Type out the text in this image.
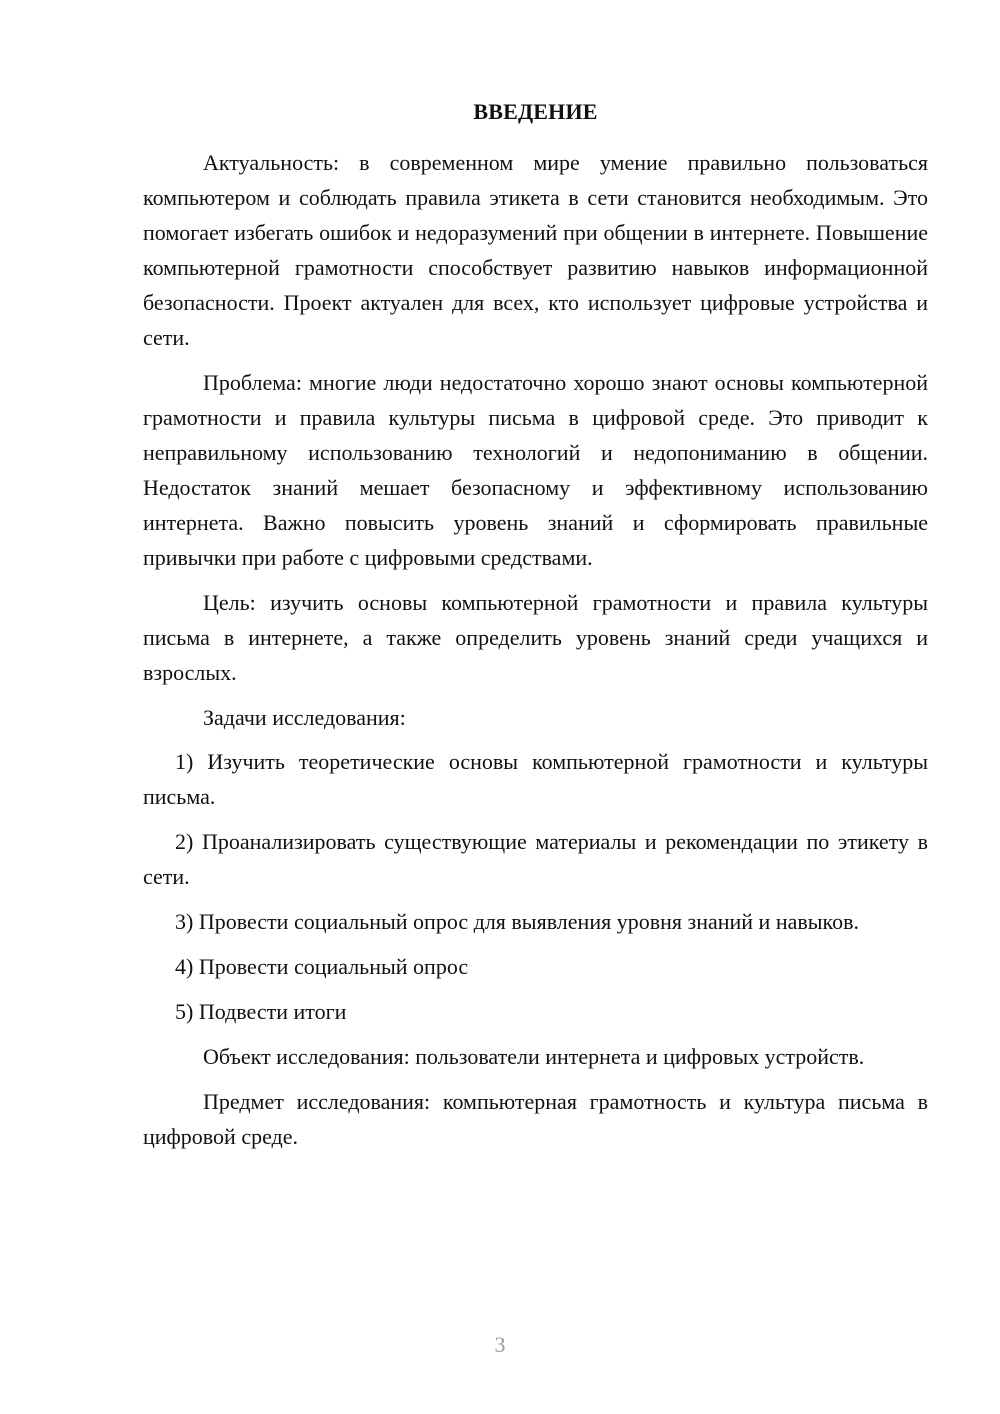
ВВЕДЕНИЕ

Актуальность: в современном мире умение правильно пользоваться компьютером и соблюдать правила этикета в сети становится необходимым. Это помогает избегать ошибок и недоразумений при общении в интернете. Повышение компьютерной грамотности способствует развитию навыков информационной безопасности. Проект актуален для всех, кто использует цифровые устройства и сети.

Проблема: многие люди недостаточно хорошо знают основы компьютерной грамотности и правила культуры письма в цифровой среде. Это приводит к неправильному использованию технологий и недопониманию в общении. Недостаток знаний мешает безопасному и эффективному использованию интернета. Важно повысить уровень знаний и сформировать правильные привычки при работе с цифровыми средствами.

Цель: изучить основы компьютерной грамотности и правила культуры письма в интернете, а также определить уровень знаний среди учащихся и взрослых.

Задачи исследования:

1) Изучить теоретические основы компьютерной грамотности и культуры письма.

2) Проанализировать существующие материалы и рекомендации по этикету в сети.

3) Провести социальный опрос для выявления уровня знаний и навыков.

4) Провести социальный опрос

5) Подвести итоги

Объект исследования: пользователи интернета и цифровых устройств.

Предмет исследования: компьютерная грамотность и культура письма в цифровой среде.

3
